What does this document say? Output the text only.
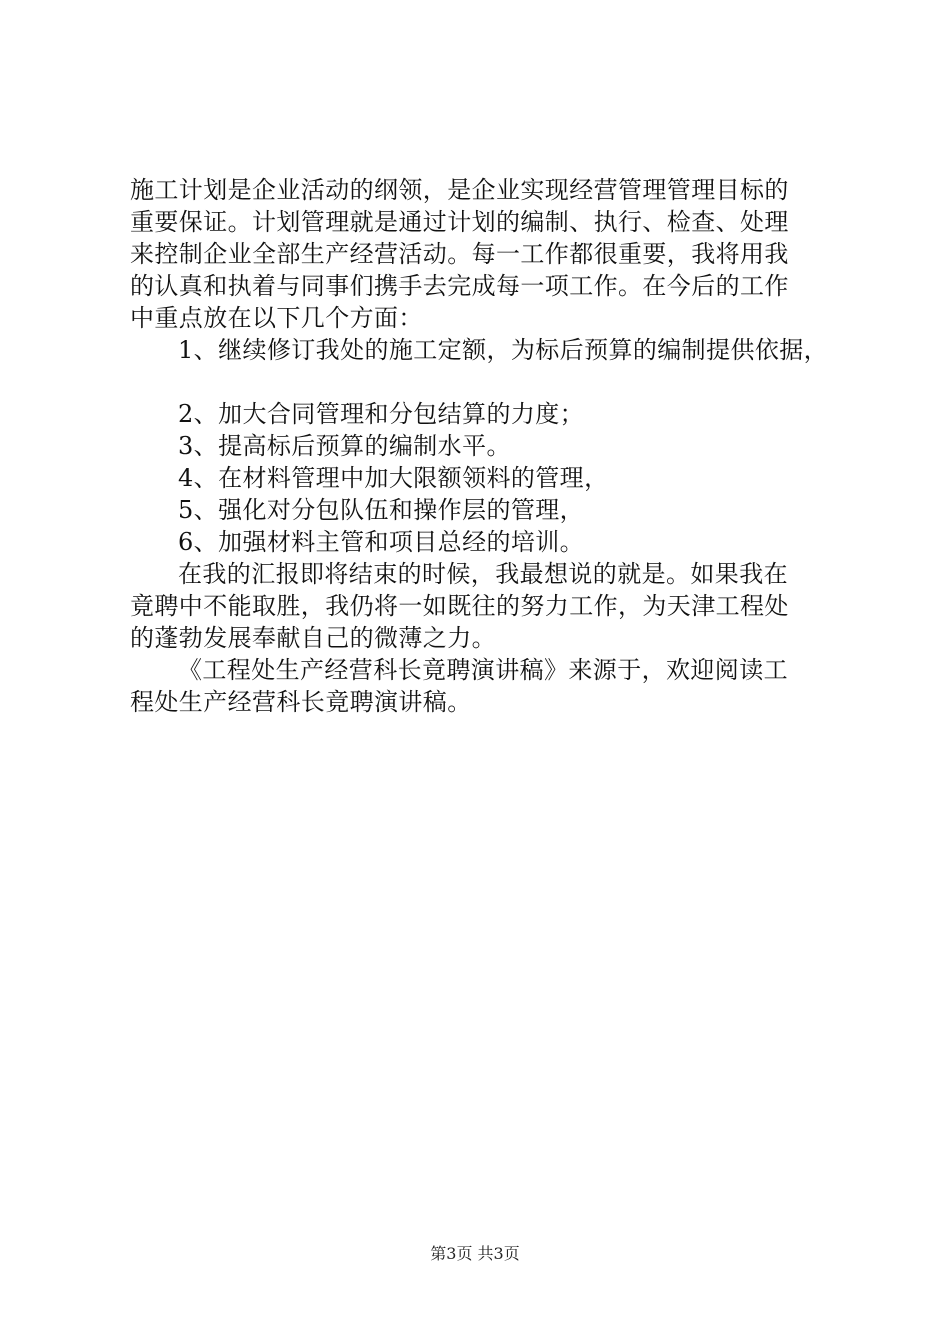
施工计划是企业活动的纲领，是企业实现经营管理管理目标的
重要保证。计划管理就是通过计划的编制、执行、检查、处理
来控制企业全部生产经营活动。每一工作都很重要，我将用我
的认真和执着与同事们携手去完成每一项工作。在今后的工作
中重点放在以下几个方面：
1、继续修订我处的施工定额，为标后预算的编制提供依据，
2、加大合同管理和分包结算的力度；
3、提高标后预算的编制水平。
4、在材料管理中加大限额领料的管理，
5、强化对分包队伍和操作层的管理，
6、加强材料主管和项目总经的培训。
在我的汇报即将结束的时候，我最想说的就是。如果我在
竟聘中不能取胜，我仍将一如既往的努力工作，为天津工程处
的蓬勃发展奉献自己的微薄之力。
《工程处生产经营科长竟聘演讲稿》来源于，欢迎阅读工
程处生产经营科长竟聘演讲稿。
第3页 共3页
